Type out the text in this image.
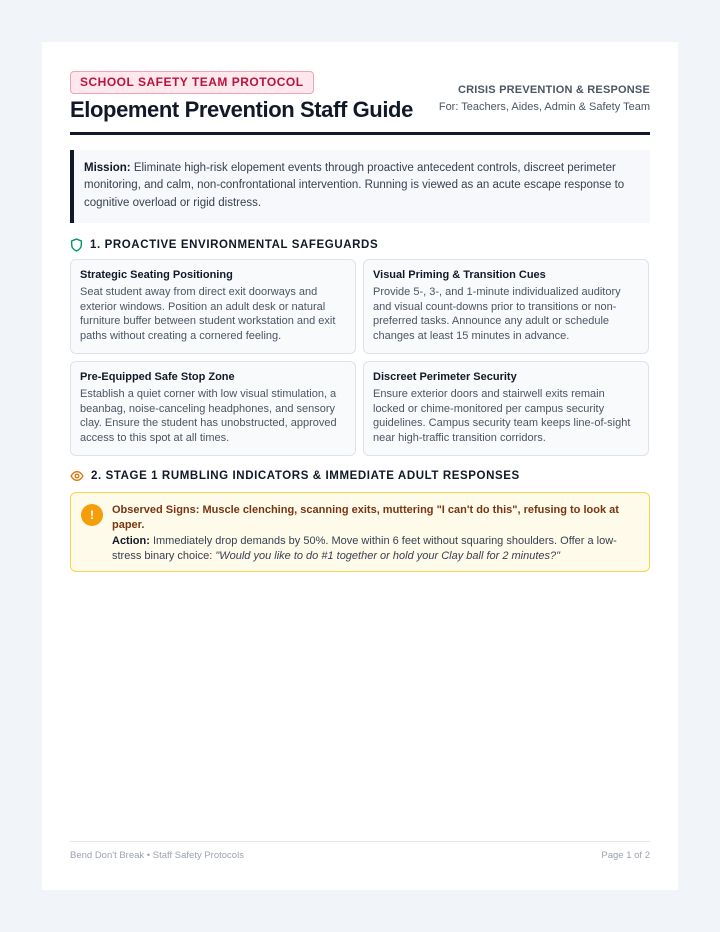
SCHOOL SAFETY TEAM PROTOCOL
Elopement Prevention Staff Guide
CRISIS PREVENTION & RESPONSE
For: Teachers, Aides, Admin & Safety Team
Mission: Eliminate high-risk elopement events through proactive antecedent controls, discreet perimeter monitoring, and calm, non-confrontational intervention. Running is viewed as an acute escape response to cognitive overload or rigid distress.
1. PROACTIVE ENVIRONMENTAL SAFEGUARDS
Strategic Seating Positioning
Seat student away from direct exit doorways and exterior windows. Position an adult desk or natural furniture buffer between student workstation and exit paths without creating a cornered feeling.
Visual Priming & Transition Cues
Provide 5-, 3-, and 1-minute individualized auditory and visual count-downs prior to transitions or non-preferred tasks. Announce any adult or schedule changes at least 15 minutes in advance.
Pre-Equipped Safe Stop Zone
Establish a quiet corner with low visual stimulation, a beanbag, noise-canceling headphones, and sensory clay. Ensure the student has unobstructed, approved access to this spot at all times.
Discreet Perimeter Security
Ensure exterior doors and stairwell exits remain locked or chime-monitored per campus security guidelines. Campus security team keeps line-of-sight near high-traffic transition corridors.
2. STAGE 1 RUMBLING INDICATORS & IMMEDIATE ADULT RESPONSES
!	Observed Signs: Muscle clenching, scanning exits, muttering "I can't do this", refusing to look at paper.
Action: Immediately drop demands by 50%. Move within 6 feet without squaring shoulders. Offer a low-stress binary choice: "Would you like to do #1 together or hold your Clay ball for 2 minutes?"
Bend Don't Break • Staff Safety Protocols	Page 1 of 2
